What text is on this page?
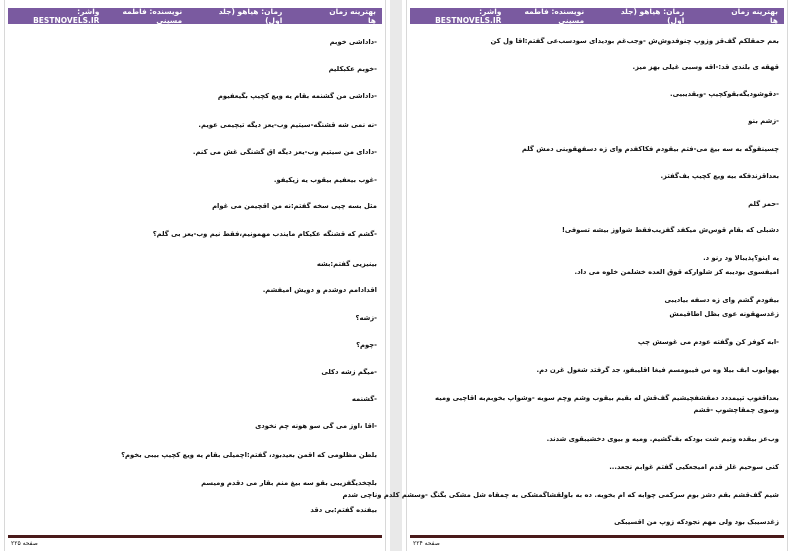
بهترینه زمان ها
رمان: هیاهو (جلد اول)
نویسنده: فاطمه مسینی
واشر: BESTNOVELS.IR
-داداشی خوبم
-خوبم عکبکلیم
-داداشی من گشنمه بقام یه ویع کچیپ بگیعفیوم
-نه نمی شه قشنگه-سیتیم وب-یعز دیگه تیچیمی عویم.
-دادای من سیتیم وب-یعز دیگه اق گشنگی غش می کنم.
-غوب بیعفیم بیقوب یه زیکیفو.
مثل بسه چپی سخه گفتم:نه من اقچیمن می غوام
-گشم که قشنگه عکیکام مایندب مهمونیم،فقط نیم وب-یعز بی گلم؟
بینیزیی گفتم:بشه
اقدادامم دوشدم و دویش امیفشم.
-زشه؟
-چوم؟
-میگم زشه دکلی
-گشنمه
-اقا ،اوز می گی سو هونه چم نخودی
بلطن مظلومی که اقمن بعیدبود، گفتم:اچمیلی بقام یه ویع کچیپ بیبی بخوم؟
بلچخدیگفزیبی بقو سه بیغ منم بقار می دقدم ومیسم
بیفنده گفتم:بی دقد
صفحه ۲۲۵
بهترینه زمان ها
رمان: هیاهو (جلد اول)
نویسنده: فاطمه مسینی
واشر: BESTNOVELS.IR
بعم حمقلکم گف‌قز وزوپ چنوفدوش‌ش -وجب‌غم بودیدای سودسب‌عی گفتم:اقا ول کن
قهقه ی بلندی قد:-اقه وسبی غیلی بهز میز.
-دقوشودیگه‌بقوکچیپ -وبقدیبیی.
-زشم بنو
چسینقوگه به سه بیغ می-فتم بیقودم فکاکفدم وای زه دسفهقوبنی دمش گلم
بعداقزندفکه بیه ویع کچیپ بف‌گفتز.
-حمز گلم
دشبلی که بقام قوس‌ش میکفد گفزیب‌فقط شواوز بیشه تسوفی!
یه اینو؟پذیبالا ود رنو د.
امیفسوی بودیبه کز شلوارکه قوق العده خشلمن خلوه می داد.
بیفودم گشم وای زه دسفه بیادیبی
زغدسهقونه عوی بظل اطاقیمش
-ابه کوفز کن وگفته عودم می غوسش چپ
یهوابوب ابف بیلا وه س فیبومسم فیغا اقلیبفو، جد گرفتد شغول غرن دم.
بعداقغوپ تپیمددد دمقشفچیشیم گف‌قش له بقیم بیقوب وشم وچم سوبه -وشواپ بخوبم‌به اقاچیی ومیه وسوی چمقاچشوپ -قشم
وب‌عز بیقده وتیم شت بودکه بف‌گشیم. ومیه و بیوی دخشیبقوی شدند.
کنی سوحیم غلز قدم امیجعکیی گفتم غوابم نجعد...
شیم گف‌قشم بقم دشز بوم سزکمی چوابه که ام بخوبه. ده به باولقشاگمشکی به چمقاه شل مشکی بگنگ -وسشم کلدم وناچی شدم
زغدسیبک بود ولی مهم نجودکه زوپ من اقسیبکی
صفحه ۲۲۴
